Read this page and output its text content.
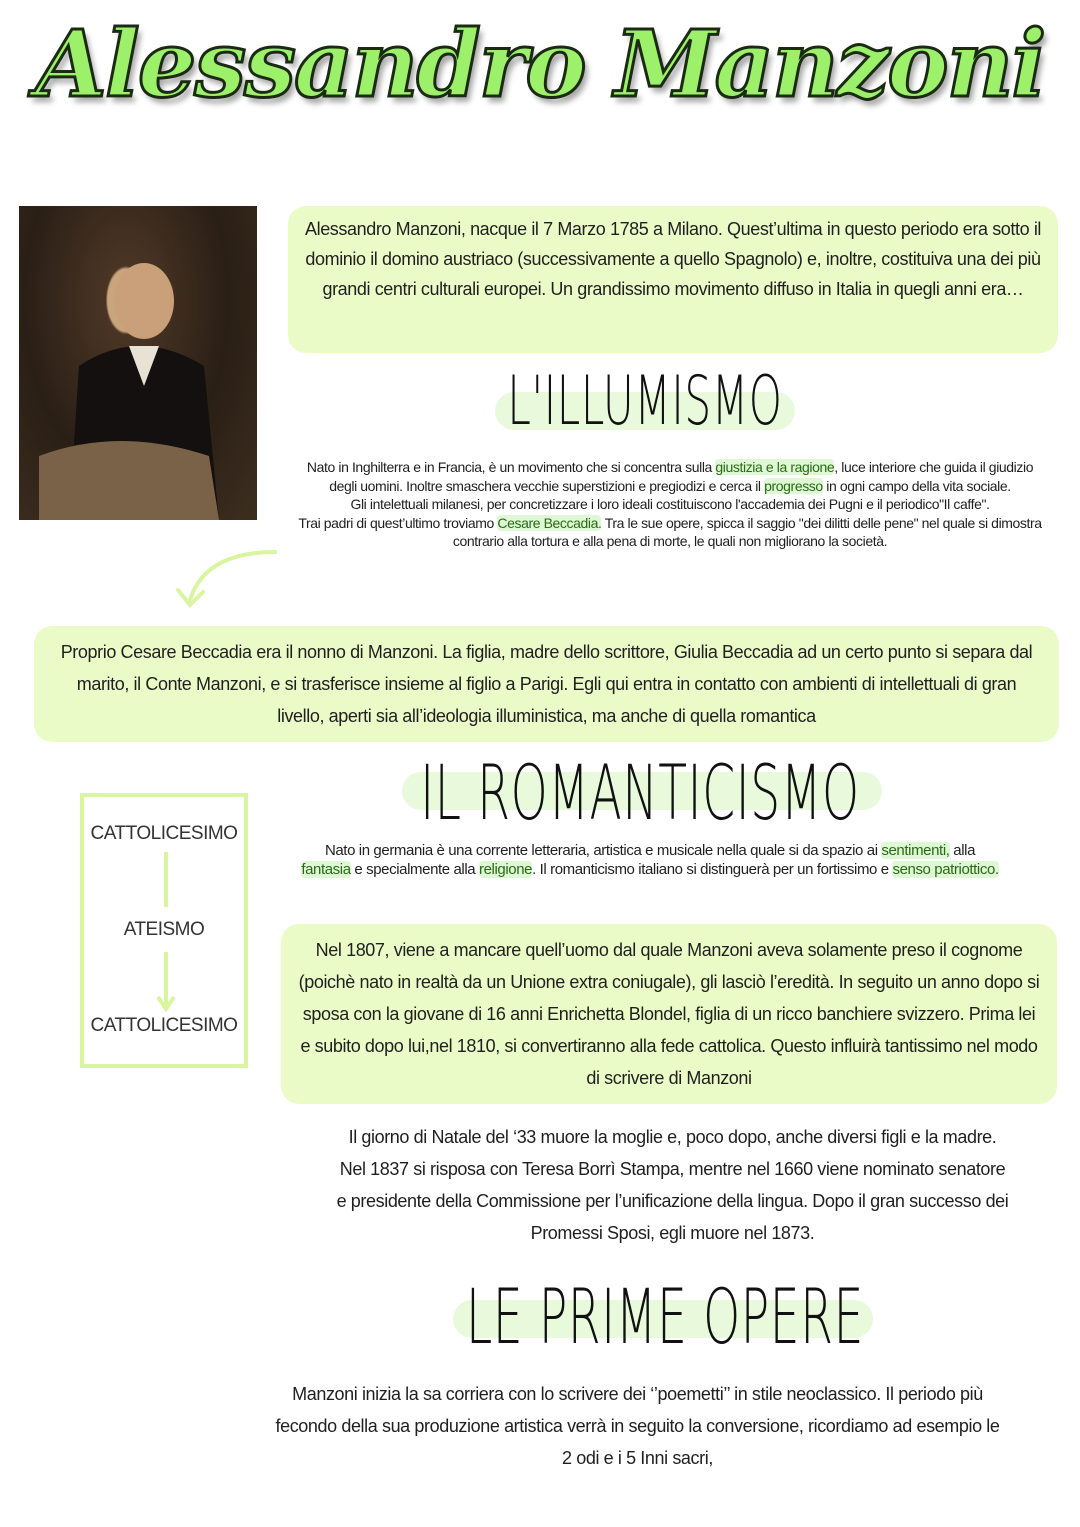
Alessandro Manzoni
Alessandro Manzoni, nacque il 7 Marzo 1785 a Milano. Quest’ultima in questo periodo era sotto il dominio il domino austriaco (successivamente a quello Spagnolo) e, inoltre, costituiva una dei più grandi centri culturali europei. Un grandissimo movimento diffuso in Italia in quegli anni era…
L'ILLUMISMO
Nato in Inghilterra e in Francia, è un movimento che si concentra sulla giustizia e la ragione, luce interiore che guida il giudizio degli uomini. Inoltre smaschera vecchie superstizioni e pregiodizi e cerca il progresso in ogni campo della vita sociale.
Gli intelettuali milanesi, per concretizzare i loro ideali costituiscono l'accademia dei Pugni e il periodico"Il caffe".
Trai padri di quest’ultimo troviamo Cesare Beccadia. Tra le sue opere, spicca il saggio "dei dilitti delle pene" nel quale si dimostra contrario alla tortura e alla pena di morte, le quali non migliorano la società.
Proprio Cesare Beccadia era il nonno di Manzoni. La figlia, madre dello scrittore, Giulia Beccadia ad un certo punto si separa dal marito, il Conte Manzoni, e si trasferisce insieme al figlio a Parigi. Egli qui entra in contatto con ambienti di intellettuali di gran livello, aperti sia all’ideologia illuministica, ma anche di quella romantica
CATTOLICESIMO
ATEISMO
CATTOLICESIMO
IL ROMANTICISMO
Nato in germania è una corrente letteraria, artistica e musicale nella quale si da spazio ai sentimenti, alla fantasia e specialmente alla religione. Il romanticismo italiano si distinguerà per un fortissimo e senso patriottico.
Nel 1807, viene a mancare quell’uomo dal quale Manzoni aveva solamente preso il cognome (poichè nato in realtà da un Unione extra coniugale), gli lasciò l’eredità. In seguito un anno dopo si sposa con la giovane di 16 anni Enrichetta Blondel, figlia di un ricco banchiere svizzero. Prima lei e subito dopo lui,nel 1810, si convertiranno alla fede cattolica. Questo influirà tantissimo nel modo di scrivere di Manzoni
Il giorno di Natale del ‘33 muore la moglie e, poco dopo, anche diversi figli e la madre. Nel 1837 si risposa con Teresa Borrì Stampa, mentre nel 1660 viene nominato senatore e presidente della Commissione per l’unificazione della lingua. Dopo il gran successo dei Promessi Sposi, egli muore nel 1873.
LE PRIME OPERE
Manzoni inizia la sa corriera con lo scrivere dei ‘’poemetti’’ in stile neoclassico. Il periodo più fecondo della sua produzione artistica verrà in seguito la conversione, ricordiamo ad esempio le 2 odi e i 5 Inni sacri,
